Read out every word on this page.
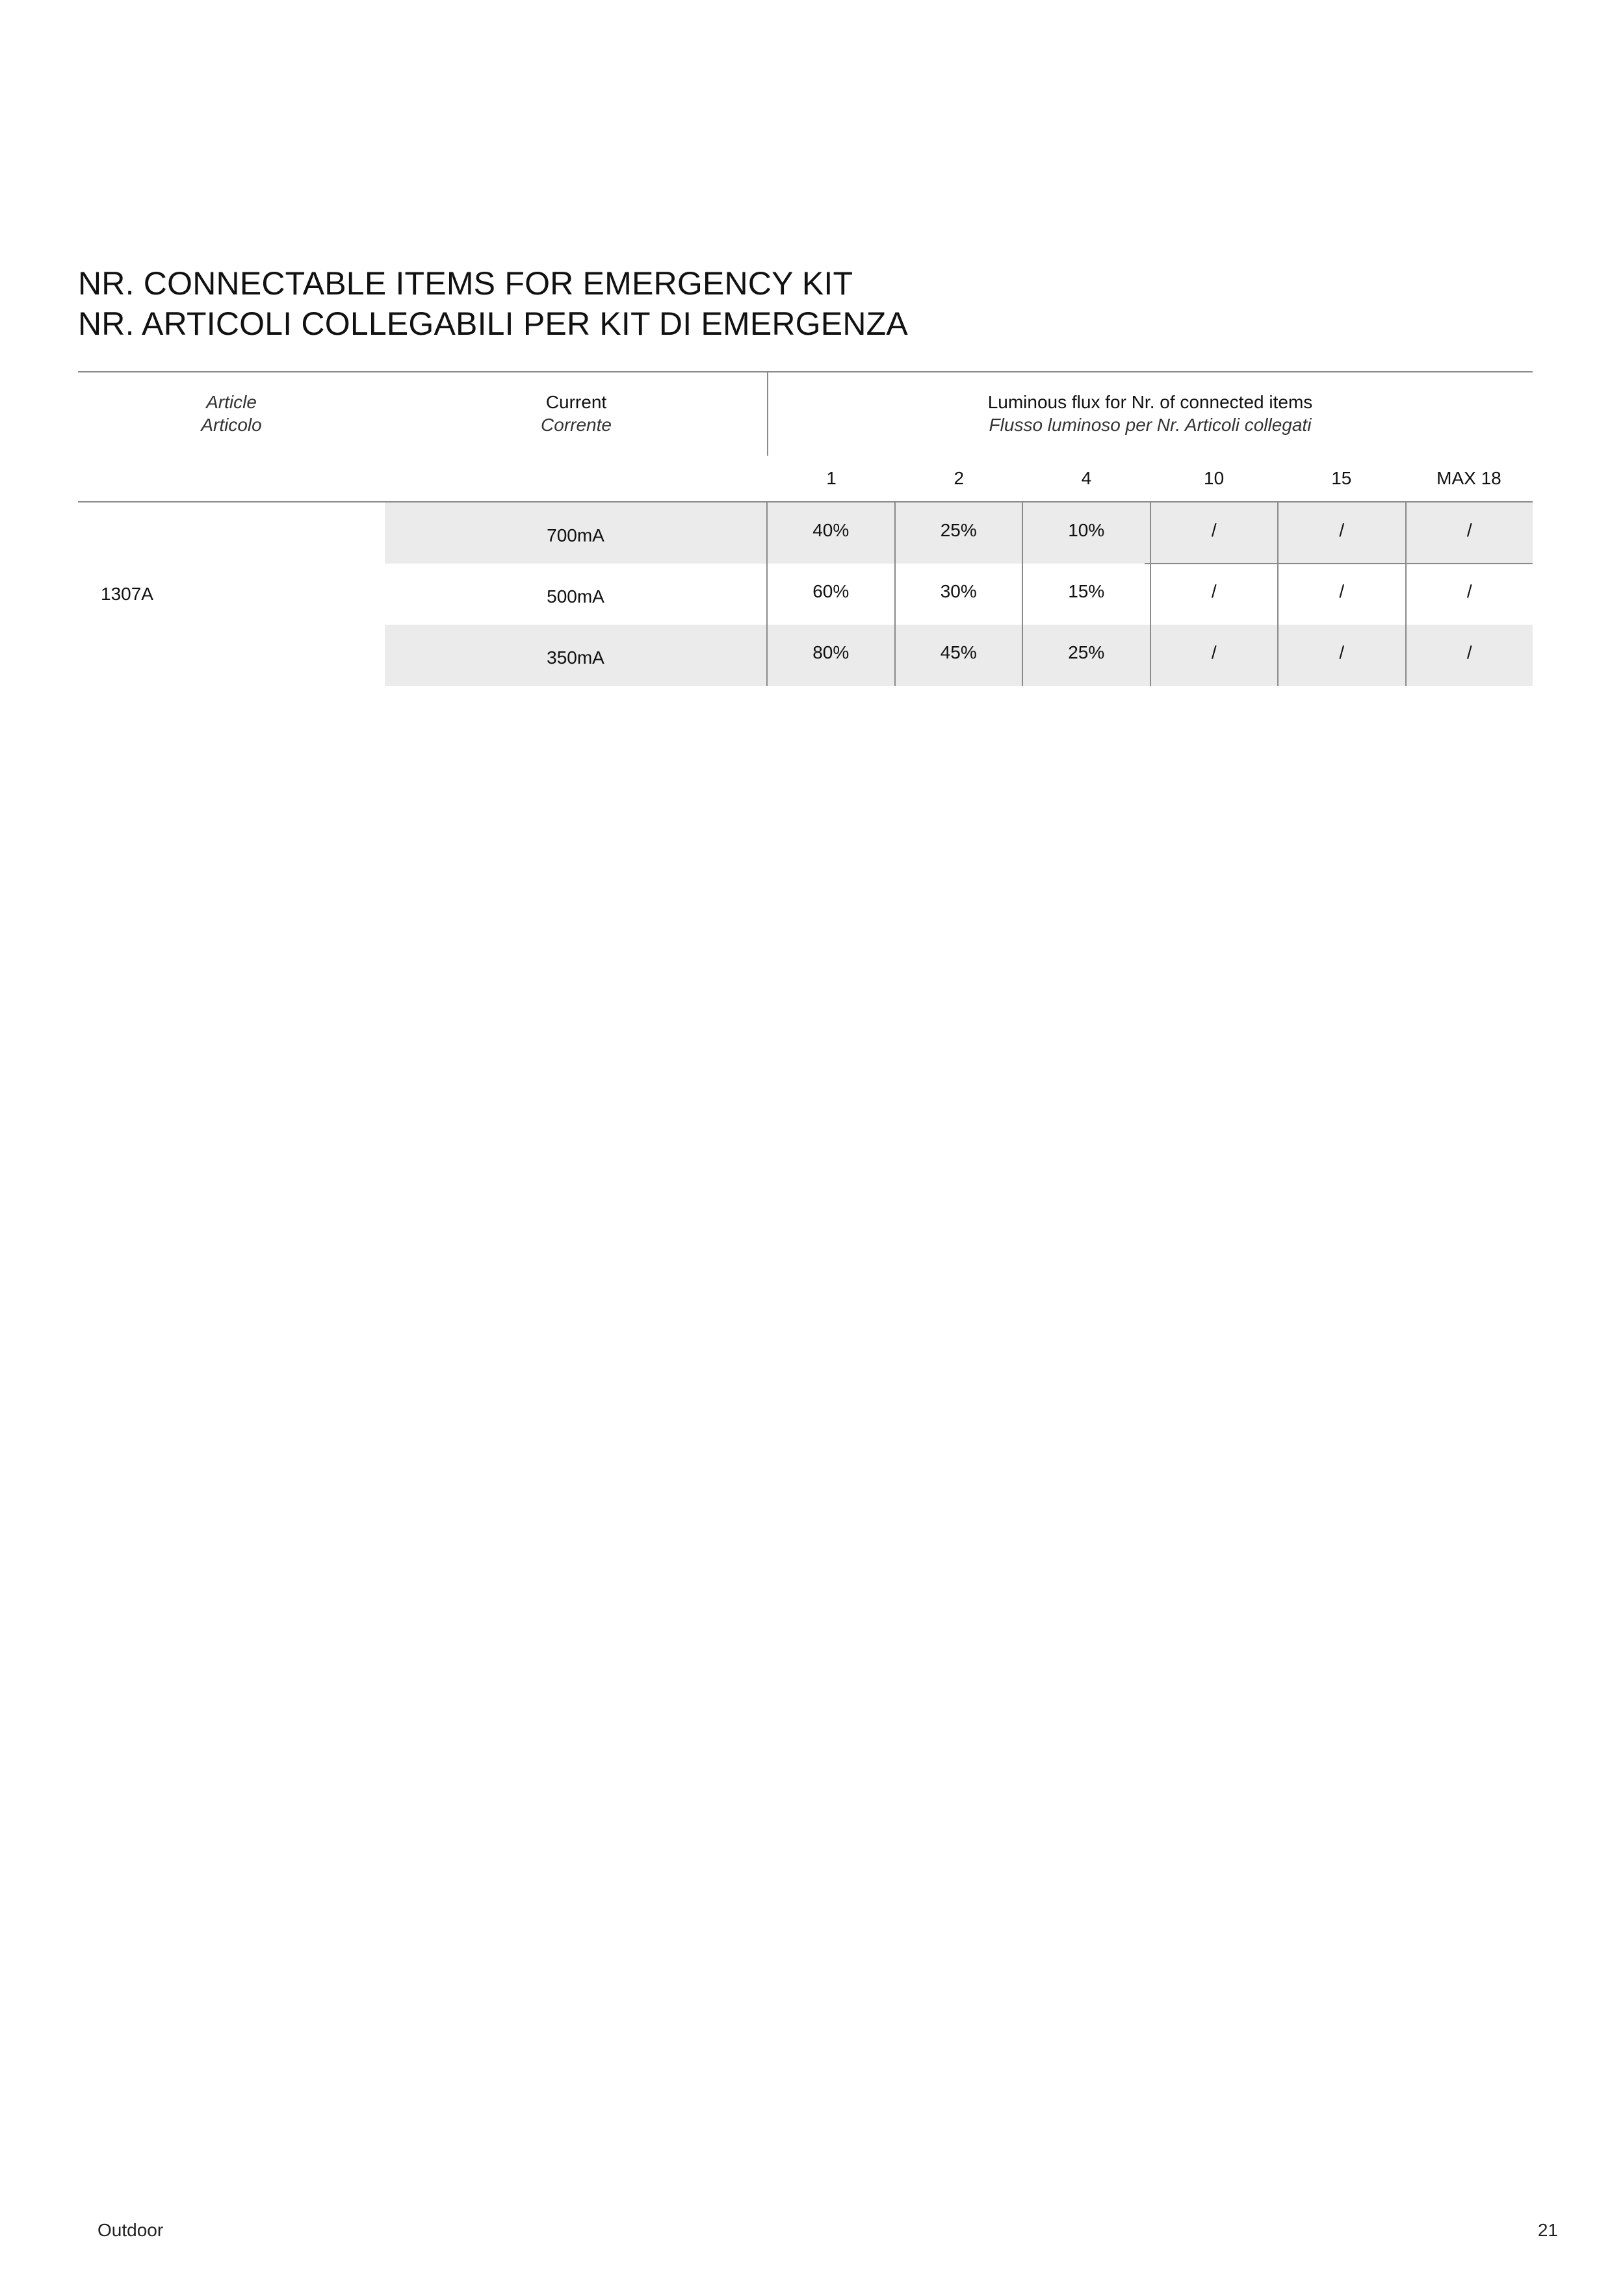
NR. CONNECTABLE ITEMS FOR EMERGENCY KIT
NR. ARTICOLI COLLEGABILI PER KIT DI EMERGENZA
Article
Articolo
Current
Corrente
Luminous flux for Nr. of connected items
Flusso luminoso per Nr. Articoli collegati
1	2	4	10	15	MAX 18
1307A
700mA	40%	25%	10%	/	/	/
500mA	60%	30%	15%	/	/	/
350mA	80%	45%	25%	/	/	/
Outdoor	21
